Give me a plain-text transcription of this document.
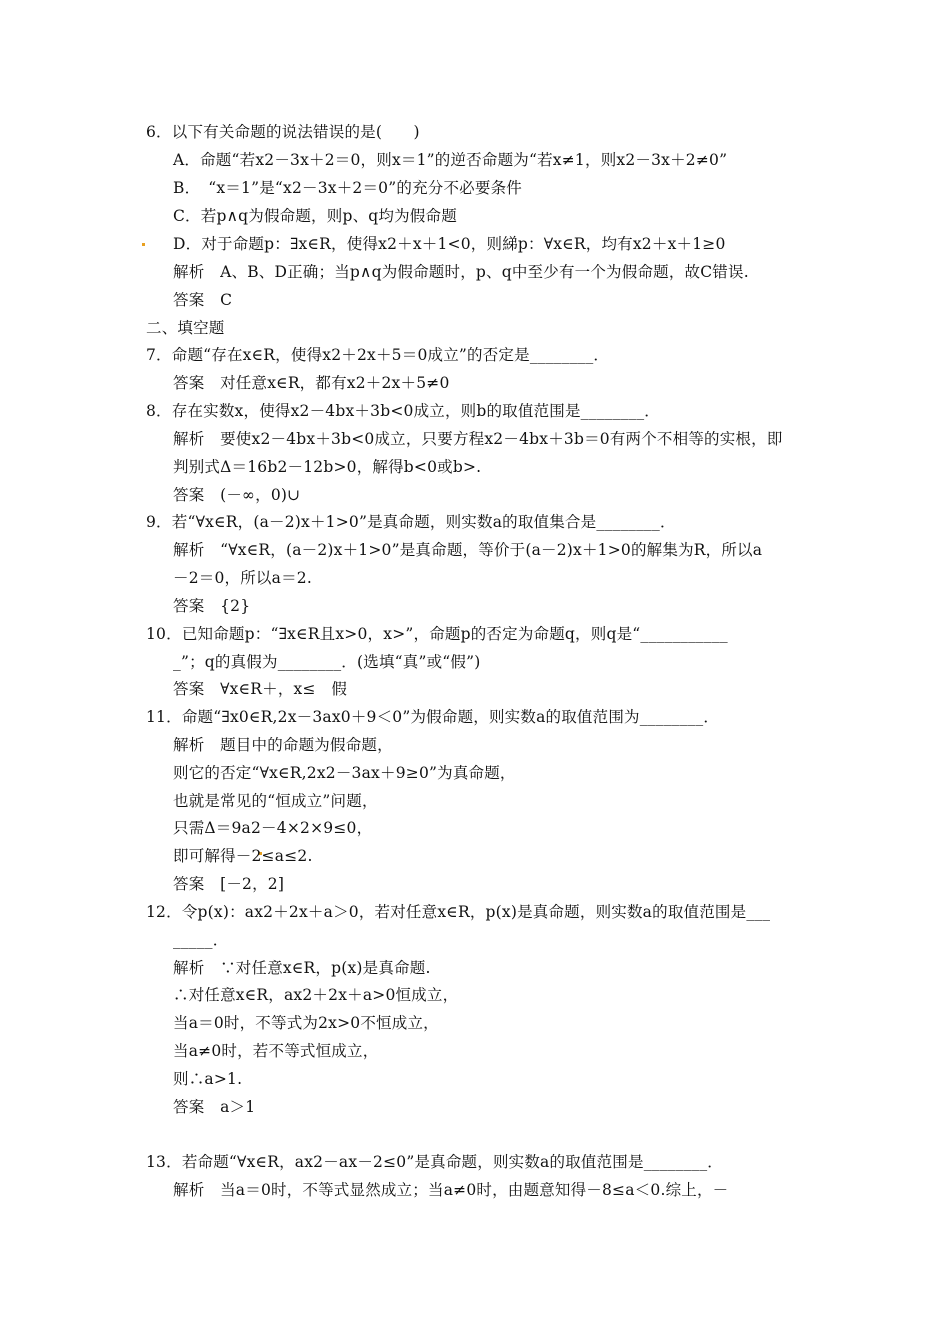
6．以下有关命题的说法错误的是(　　)
A．命题“若x2－3x＋2＝0，则x＝1”的逆否命题为“若x≠1，则x2－3x＋2≠0”
B．　“x＝1”是“x2－3x＋2＝0”的充分不必要条件
C．若p∧q为假命题，则p、q均为假命题
D．对于命题p：∃x∈R，使得x2＋x＋1<0，则綈p：∀x∈R，均有x2＋x＋1≥0
解析　A、B、D正确；当p∧q为假命题时，p、q中至少有一个为假命题，故C错误.
答案　C
二、填空题
7．命题“存在x∈R，使得x2＋2x＋5＝0成立”的否定是________．
答案　对任意x∈R，都有x2＋2x＋5≠0
8．存在实数x，使得x2－4bx＋3b<0成立，则b的取值范围是________．
解析　要使x2－4bx＋3b<0成立，只要方程x2－4bx＋3b＝0有两个不相等的实根，即
判别式Δ＝16b2－12b>0，解得b<0或b>.
答案　(－∞，0)∪
9．若“∀x∈R，(a－2)x＋1>0”是真命题，则实数a的取值集合是________．
解析　“∀x∈R，(a－2)x＋1>0”是真命题，等价于(a－2)x＋1>0的解集为R，所以a
－2＝0，所以a＝2.
答案　{2}
10．已知命题p：“∃x∈R且x>0，x>”，命题p的否定为命题q，则q是“___________
_”；q的真假为________．(选填“真”或“假”)
答案　∀x∈R＋，x≤　假
11．命题“∃x0∈R,2x－3ax0＋9＜0”为假命题，则实数a的取值范围为________．
解析　题目中的命题为假命题，
则它的否定“∀x∈R,2x2－3ax＋9≥0”为真命题，
也就是常见的“恒成立”问题，
只需Δ＝9a2－4×2×9≤0，
即可解得－2≤a≤2.
答案　[－2，2]
12．令p(x)：ax2＋2x＋a＞0，若对任意x∈R，p(x)是真命题，则实数a的取值范围是___
_____．
解析　∵对任意x∈R，p(x)是真命题.
∴对任意x∈R，ax2＋2x＋a>0恒成立，
当a＝0时，不等式为2x>0不恒成立，
当a≠0时，若不等式恒成立，
则∴a>1.
答案　a＞1
13．若命题“∀x∈R，ax2－ax－2≤0”是真命题，则实数a的取值范围是________．
解析　当a＝0时，不等式显然成立；当a≠0时，由题意知得－8≤a＜0.综上，－
